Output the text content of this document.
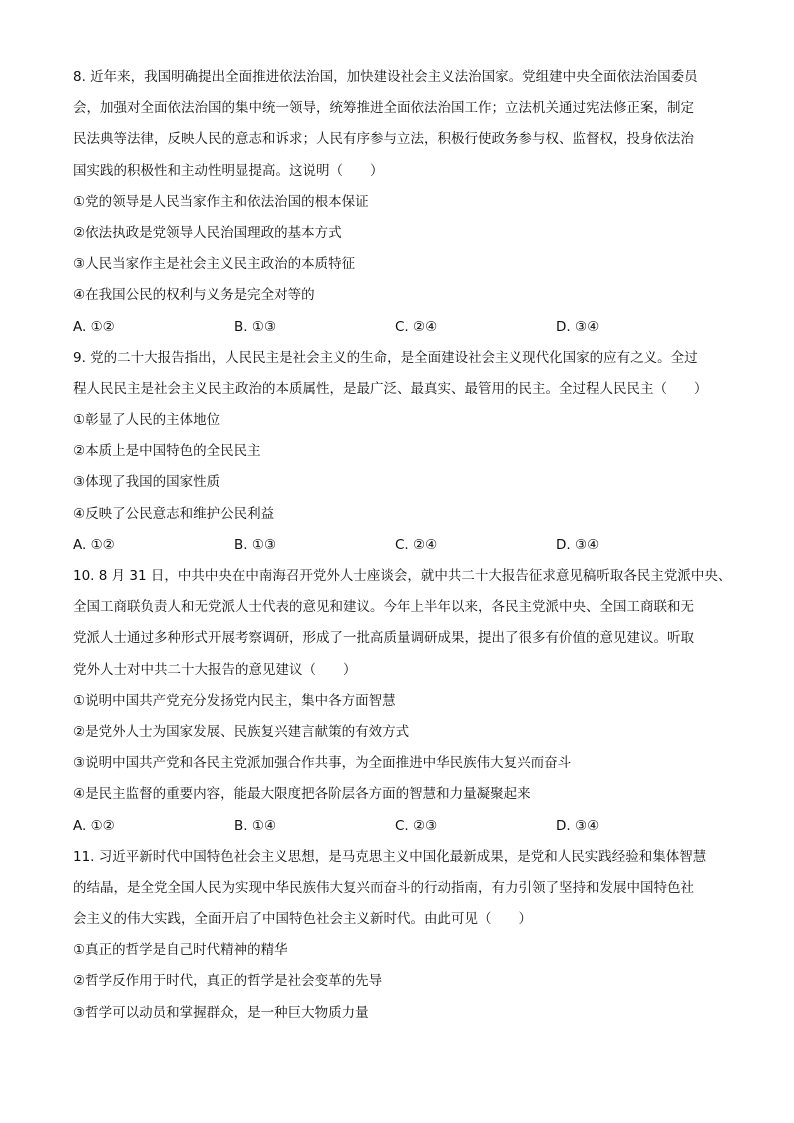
8. 近年来，我国明确提出全面推进依法治国，加快建设社会主义法治国家。党组建中央全面依法治国委员
会，加强对全面依法治国的集中统一领导，统筹推进全面依法治国工作；立法机关通过宪法修正案，制定
民法典等法律，反映人民的意志和诉求；人民有序参与立法，积极行使政务参与权、监督权，投身依法治
国实践的积极性和主动性明显提高。这说明（　　）
①党的领导是人民当家作主和依法治国的根本保证
②依法执政是党领导人民治国理政的基本方式
③人民当家作主是社会主义民主政治的本质特征
④在我国公民的权利与义务是完全对等的
A. ①②	B. ①③	C. ②④	D. ③④
9. 党的二十大报告指出，人民民主是社会主义的生命，是全面建设社会主义现代化国家的应有之义。全过
程人民民主是社会主义民主政治的本质属性，是最广泛、最真实、最管用的民主。全过程人民民主（　　）
①彰显了人民的主体地位
②本质上是中国特色的全民民主
③体现了我国的国家性质
④反映了公民意志和维护公民利益
A. ①②	B. ①③	C. ②④	D. ③④
10. 8 月 31 日，中共中央在中南海召开党外人士座谈会，就中共二十大报告征求意见稿听取各民主党派中央、
全国工商联负责人和无党派人士代表的意见和建议。今年上半年以来，各民主党派中央、全国工商联和无
党派人士通过多种形式开展考察调研，形成了一批高质量调研成果，提出了很多有价值的意见建议。听取
党外人士对中共二十大报告的意见建议（　　）
①说明中国共产党充分发扬党内民主，集中各方面智慧
②是党外人士为国家发展、民族复兴建言献策的有效方式
③说明中国共产党和各民主党派加强合作共事，为全面推进中华民族伟大复兴而奋斗
④是民主监督的重要内容，能最大限度把各阶层各方面的智慧和力量凝聚起来
A. ①②	B. ①④	C. ②③	D. ③④
11. 习近平新时代中国特色社会主义思想，是马克思主义中国化最新成果，是党和人民实践经验和集体智慧
的结晶，是全党全国人民为实现中华民族伟大复兴而奋斗的行动指南，有力引领了坚持和发展中国特色社
会主义的伟大实践，全面开启了中国特色社会主义新时代。由此可见（　　）
①真正的哲学是自己时代精神的精华
②哲学反作用于时代，真正的哲学是社会变革的先导
③哲学可以动员和掌握群众，是一种巨大物质力量
